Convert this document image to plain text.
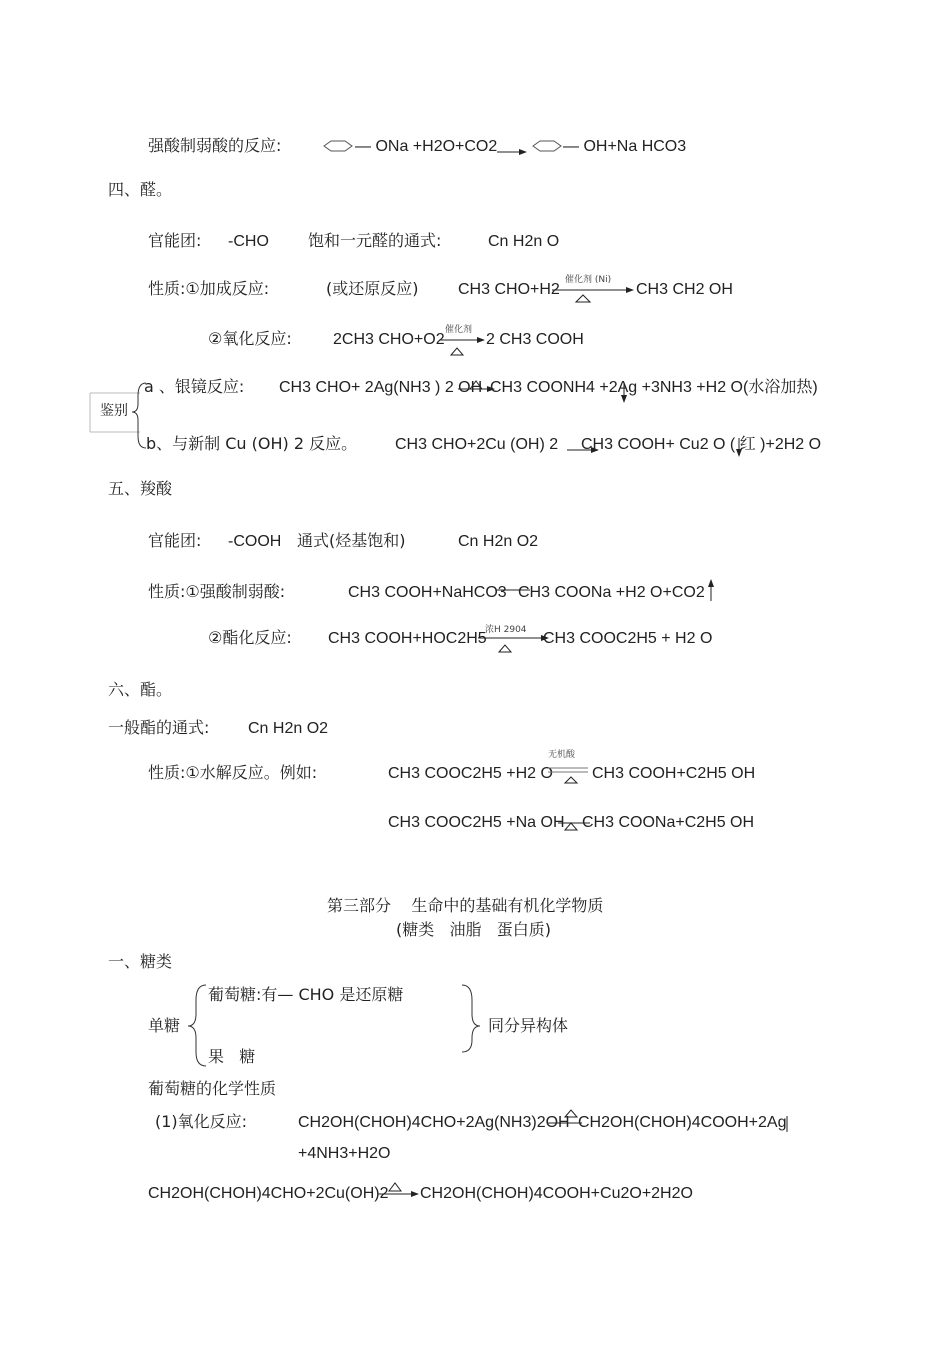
强酸制弱酸的反应:	— ONa +H2O+CO2	— OH+Na HCO3
四、醛。
官能团: -CHO 饱和一元醛的通式:	Cn H2n O
性质:①加成反应:	(或还原反应) CH3 CHO+H2
催化剂 (Ni)
CH3 CH2 OH
②氧化反应:	2CH3 CHO+O2
催化剂
2 CH3 COOH
鉴别
a 、银镜反应: CH3 CHO+ 2Ag(NH3 ) 2 OH CH3 COONH4 +2Ag +3NH3 +H2 O(水浴加热)
b、与新制 Cu (OH) 2 反应。 CH3 CHO+2Cu (OH) 2 CH3 COOH+ Cu2 O ( 红 )+2H2 O
五、羧酸
官能团: -COOH 通式(烃基饱和)	Cn H2n O2
性质:①强酸制弱酸:	CH3 COOH+NaHCO3 CH3 COONa +H2 O+CO2
②酯化反应: CH3 COOH+HOC2H5
浓H 2904 CH3 COOC2H5 + H2 O
六、酯。
一般酯的通式: Cn H2n O2
性质:①水解反应。例如:	CH3 COOC2H5 +H2 O
无机酸
CH3 COOH+C2H5 OH
CH3 COOC2H5 +Na OH CH3 COONa+C2H5 OH
第三部分    生命中的基础有机化学物质
(糖类   油脂   蛋白质)
一、糖类
单糖
葡萄糖:有— CHO 是还原糖
果   糖
同分异构体
葡萄糖的化学性质
(1)氧化反应:	CH2OH(CHOH)4CHO+2Ag(NH3)2OH CH2OH(CHOH)4COOH+2Ag
+4NH3+H2O
CH2OH(CHOH)4CHO+2Cu(OH)2 CH2OH(CHOH)4COOH+Cu2O+2H2O
